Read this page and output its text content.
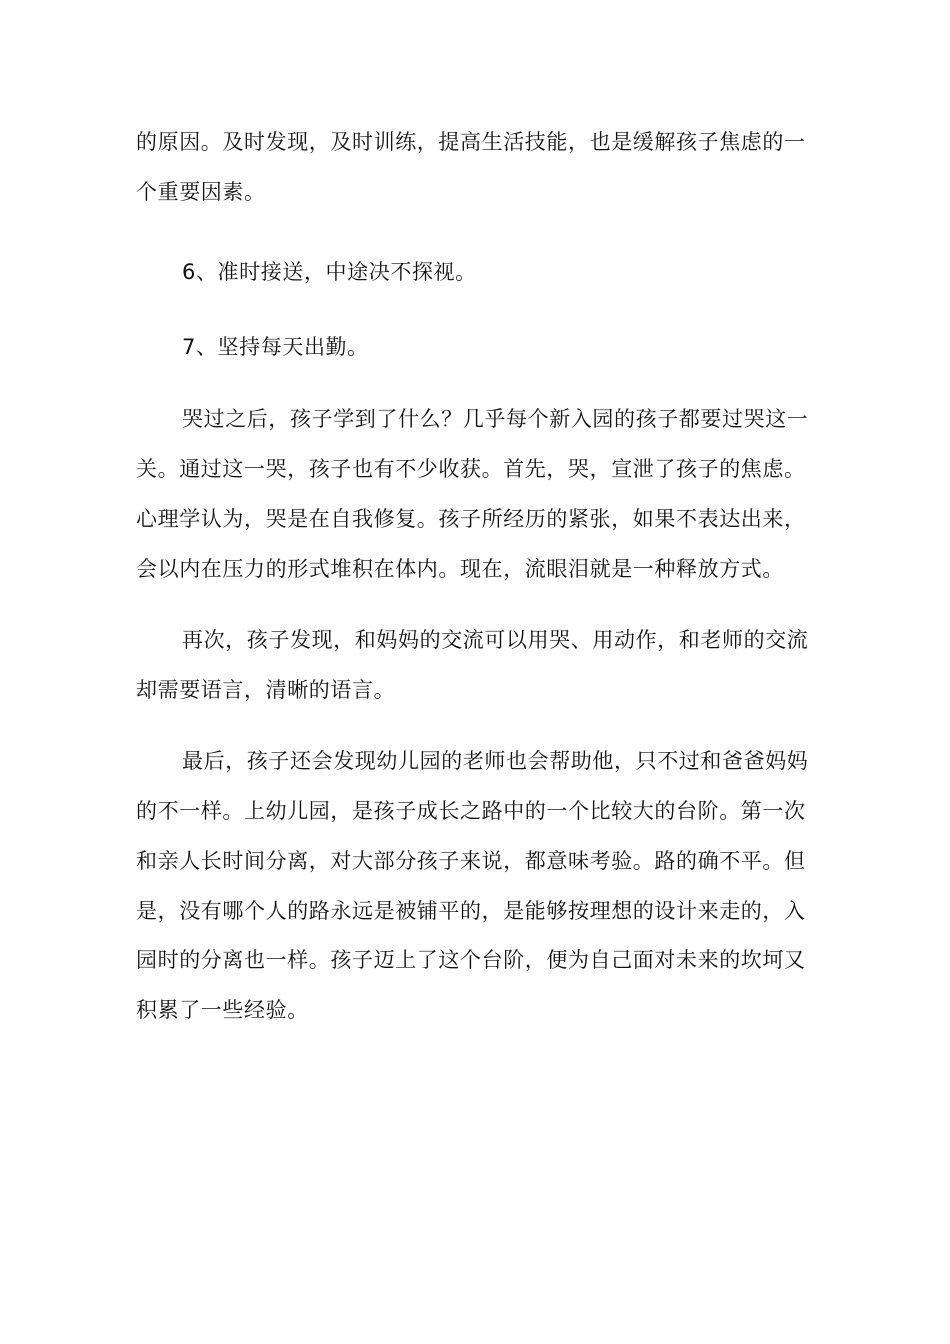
的原因。及时发现，及时训练，提高生活技能，也是缓解孩子焦虑的一
个重要因素。
6、准时接送，中途决不探视。
7、坚持每天出勤。
哭过之后，孩子学到了什么？几乎每个新入园的孩子都要过哭这一
关。通过这一哭，孩子也有不少收获。首先，哭，宣泄了孩子的焦虑。
心理学认为，哭是在自我修复。孩子所经历的紧张，如果不表达出来，
会以内在压力的形式堆积在体内。现在，流眼泪就是一种释放方式。
再次，孩子发现，和妈妈的交流可以用哭、用动作，和老师的交流
却需要语言，清晰的语言。
最后，孩子还会发现幼儿园的老师也会帮助他，只不过和爸爸妈妈
的不一样。上幼儿园，是孩子成长之路中的一个比较大的台阶。第一次
和亲人长时间分离，对大部分孩子来说，都意味考验。路的确不平。但
是，没有哪个人的路永远是被铺平的，是能够按理想的设计来走的，入
园时的分离也一样。孩子迈上了这个台阶，便为自己面对未来的坎坷又
积累了一些经验。
